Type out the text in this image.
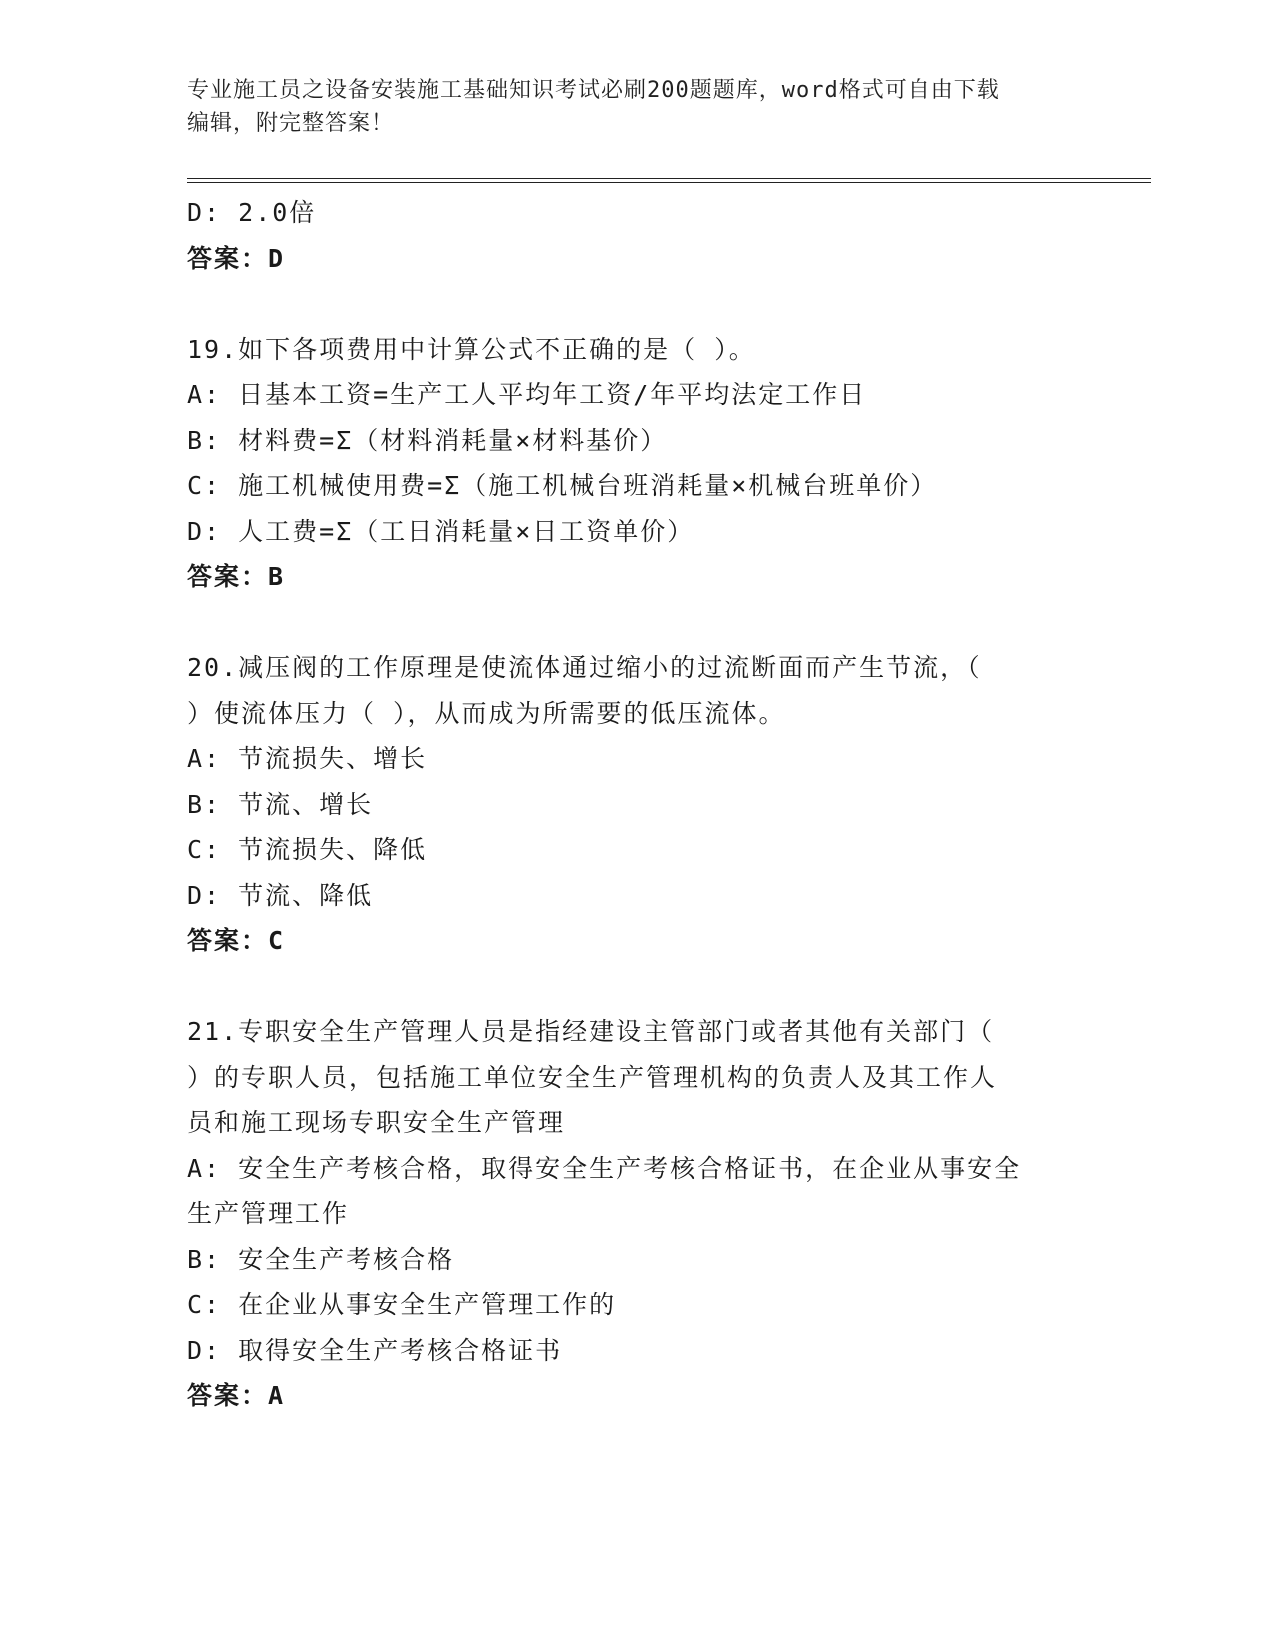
专业施工员之设备安装施工基础知识考试必刷200题题库，word格式可自由下载
编辑，附完整答案！
D: 2.0倍
答案：D
19.如下各项费用中计算公式不正确的是（ ）。
A: 日基本工资=生产工人平均年工资/年平均法定工作日
B: 材料费=Σ（材料消耗量×材料基价）
C: 施工机械使用费=Σ（施工机械台班消耗量×机械台班单价）
D: 人工费=Σ（工日消耗量×日工资单价）
答案：B
20.减压阀的工作原理是使流体通过缩小的过流断面而产生节流，（
）使流体压力（ ），从而成为所需要的低压流体。
A: 节流损失、增长
B: 节流、增长
C: 节流损失、降低
D: 节流、降低
答案：C
21.专职安全生产管理人员是指经建设主管部门或者其他有关部门（
）的专职人员，包括施工单位安全生产管理机构的负责人及其工作人
员和施工现场专职安全生产管理
A: 安全生产考核合格，取得安全生产考核合格证书，在企业从事安全
生产管理工作
B: 安全生产考核合格
C: 在企业从事安全生产管理工作的
D: 取得安全生产考核合格证书
答案：A
